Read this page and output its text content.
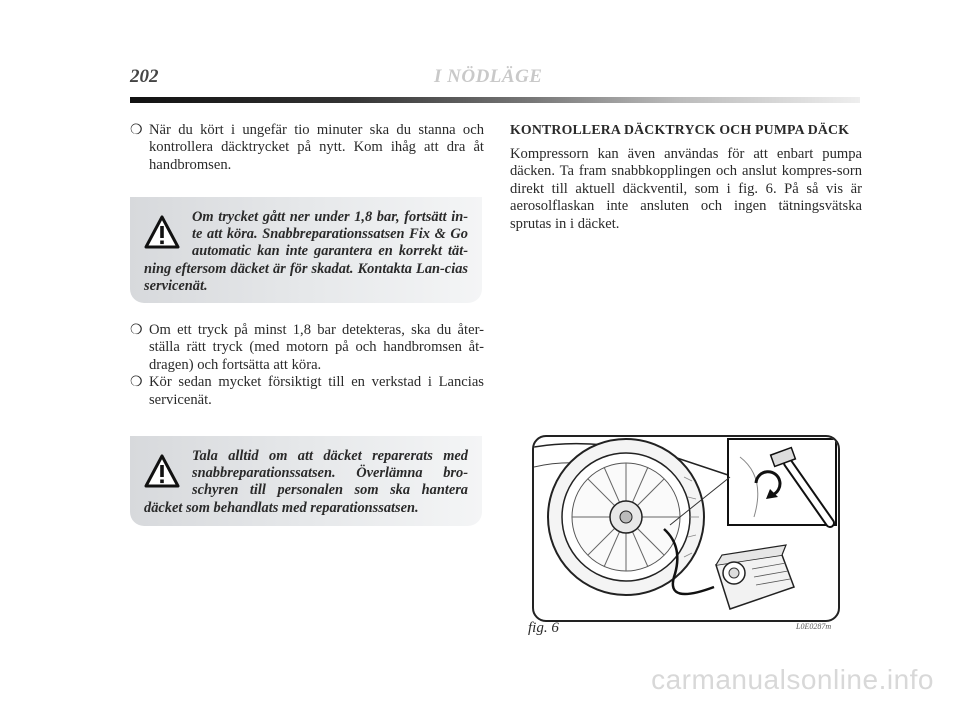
202	I NÖDLÄGE
❍ När du kört i ungefär tio minuter ska du stanna och kontrollera däcktrycket på nytt. Kom ihåg att dra åt handbromsen.
Om trycket gått ner under 1,8 bar, fortsätt in-te att köra. Snabbreparationssatsen Fix & Go automatic kan inte garantera en korrekt tät-ning eftersom däcket är för skadat. Kontakta Lan-cias servicenät.
❍ Om ett tryck på minst 1,8 bar detekteras, ska du åter-ställa rätt tryck (med motorn på och handbromsen åt-dragen) och fortsätta att köra.
❍ Kör sedan mycket försiktigt till en verkstad i Lancias servicenät.
Tala alltid om att däcket reparerats med snabbreparationssatsen. Överlämna bro-schyren till personalen som ska hantera däcket som behandlats med reparationssatsen.
KONTROLLERA DÄCKTRYCK OCH PUMPA DÄCK
Kompressorn kan även användas för att enbart pumpa däcken. Ta fram snabbkopplingen och anslut kompres-sorn direkt till aktuell däckventil, som i fig. 6. På så vis är aerosolflaskan inte ansluten och ingen tätningsvätska sprutas in i däcket.
fig. 6	L0E0287m
carmanualsonline.info
